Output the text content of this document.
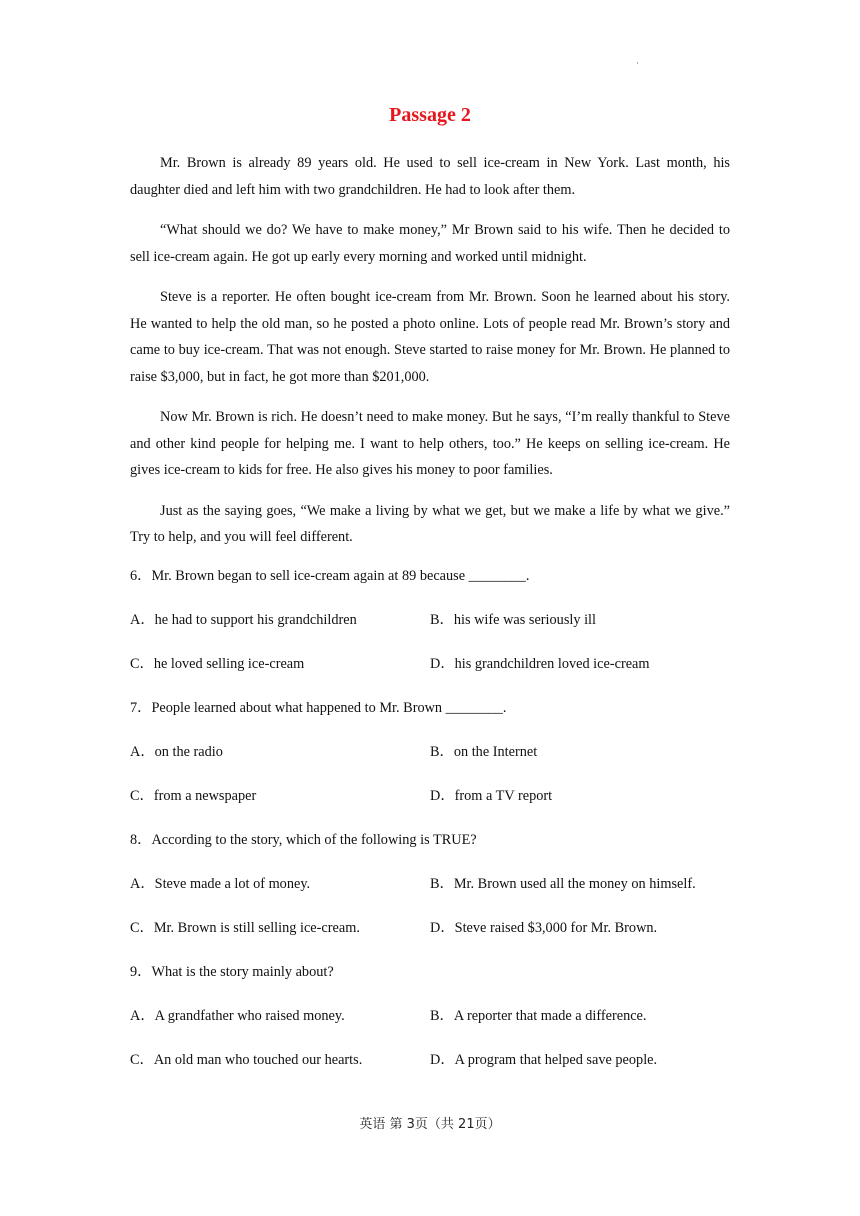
·
Passage 2

Mr. Brown is already 89 years old. He used to sell ice-cream in New York. Last month, his daughter died and left him with two grandchildren. He had to look after them.

“What should we do? We have to make money,” Mr Brown said to his wife. Then he decided to sell ice-cream again. He got up early every morning and worked until midnight.

Steve is a reporter. He often bought ice-cream from Mr. Brown. Soon he learned about his story. He wanted to help the old man, so he posted a photo online. Lots of people read Mr. Brown’s story and came to buy ice-cream. That was not enough. Steve started to raise money for Mr. Brown. He planned to raise $3,000, but in fact, he got more than $201,000.

Now Mr. Brown is rich. He doesn’t need to make money. But he says, “I’m really thankful to Steve and other kind people for helping me. I want to help others, too.” He keeps on selling ice-cream. He gives ice-cream to kids for free. He also gives his money to poor families.

Just as the saying goes, “We make a living by what we get, but we make a life by what we give.” Try to help, and you will feel different.

6．Mr. Brown began to sell ice-cream again at 89 because ________.
A．he had to support his grandchildren	B．his wife was seriously ill
C．he loved selling ice-cream	D．his grandchildren loved ice-cream
7．People learned about what happened to Mr. Brown ________.
A．on the radio	B．on the Internet
C．from a newspaper	D．from a TV report
8．According to the story, which of the following is TRUE?
A．Steve made a lot of money.	B．Mr. Brown used all the money on himself.
C．Mr. Brown is still selling ice-cream.	D．Steve raised $3,000 for Mr. Brown.
9．What is the story mainly about?
A．A grandfather who raised money.	B．A reporter that made a difference.
C．An old man who touched our hearts.	D．A program that helped save people.
英语 第 3页（共 21页）
